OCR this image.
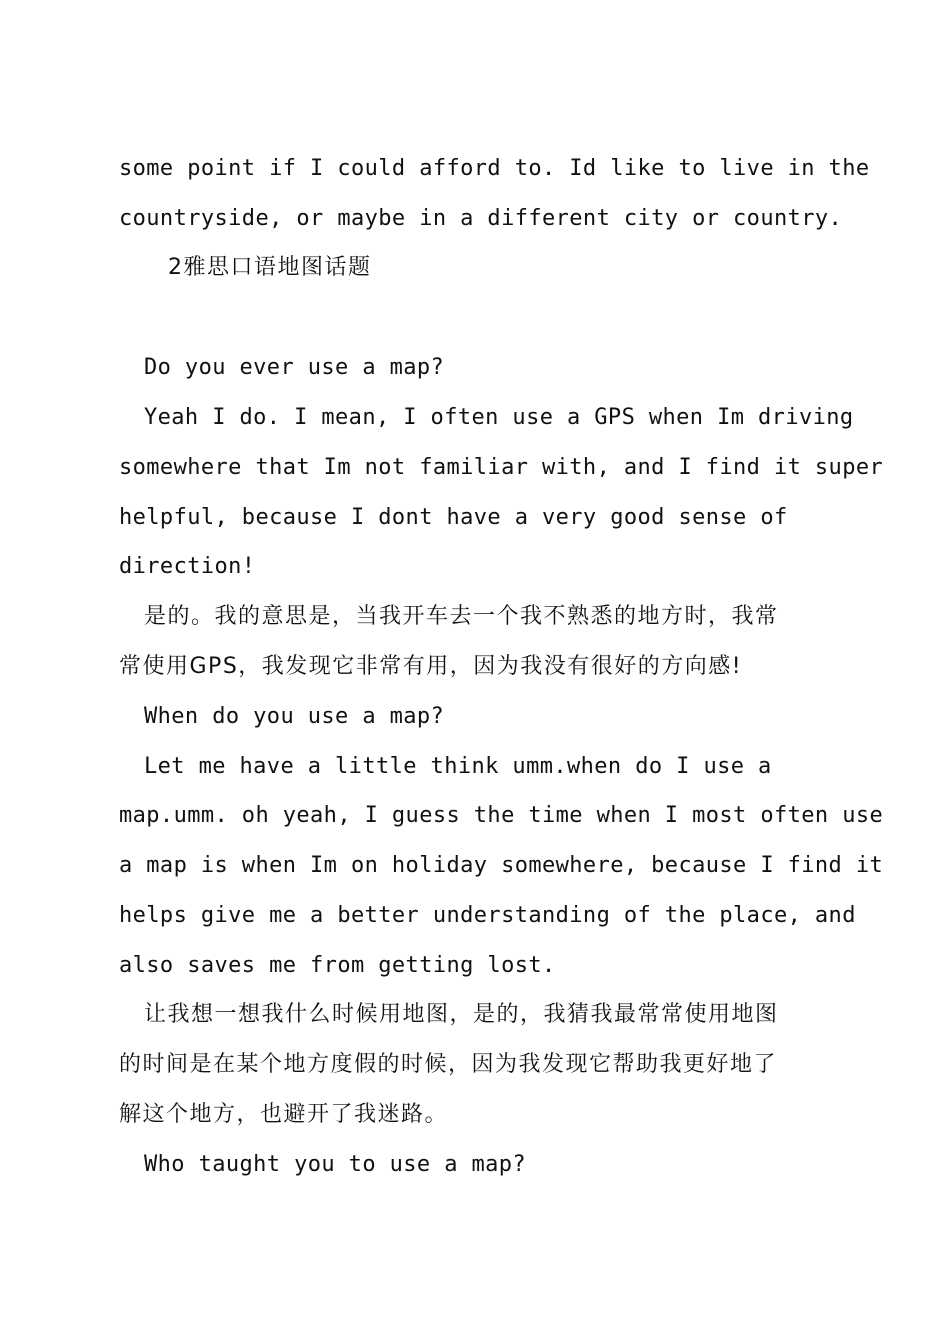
some point if I could afford to. Id like to live in the
countryside, or maybe in a different city or country.
2雅思口语地图话题
Do you ever use a map?
Yeah I do. I mean, I often use a GPS when Im driving
somewhere that Im not familiar with, and I find it super
helpful, because I dont have a very good sense of
direction!
是的。我的意思是，当我开车去一个我不熟悉的地方时，我常
常使用GPS，我发现它非常有用，因为我没有很好的方向感!
When do you use a map?
Let me have a little think umm.when do I use a
map.umm. oh yeah, I guess the time when I most often use
a map is when Im on holiday somewhere, because I find it
helps give me a better understanding of the place, and
also saves me from getting lost.
让我想一想我什么时候用地图，是的，我猜我最常常使用地图
的时间是在某个地方度假的时候，因为我发现它帮助我更好地了
解这个地方，也避开了我迷路。
Who taught you to use a map?
